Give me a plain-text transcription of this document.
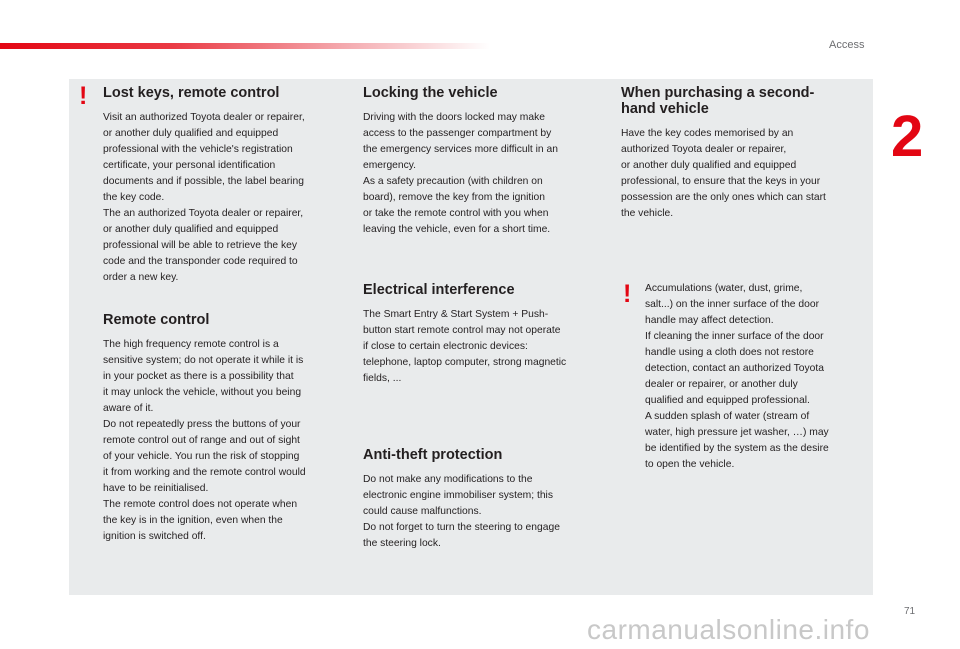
Access
2
! Lost keys, remote control

Visit an authorized Toyota dealer or repairer,
or another duly qualified and equipped
professional with the vehicle's registration
certificate, your personal identification
documents and if possible, the label bearing
the key code.
The an authorized Toyota dealer or repairer,
or another duly qualified and equipped
professional will be able to retrieve the key
code and the transponder code required to
order a new key.

Remote control

The high frequency remote control is a
sensitive system; do not operate it while it is
in your pocket as there is a possibility that
it may unlock the vehicle, without you being
aware of it.
Do not repeatedly press the buttons of your
remote control out of range and out of sight
of your vehicle. You run the risk of stopping
it from working and the remote control would
have to be reinitialised.
The remote control does not operate when
the key is in the ignition, even when the
ignition is switched off.

Locking the vehicle

Driving with the doors locked may make
access to the passenger compartment by
the emergency services more difficult in an
emergency.
As a safety precaution (with children on
board), remove the key from the ignition
or take the remote control with you when
leaving the vehicle, even for a short time.

Electrical interference

The Smart Entry & Start System + Push-
button start remote control may not operate
if close to certain electronic devices:
telephone, laptop computer, strong magnetic
fields, ...

Anti-theft protection

Do not make any modifications to the
electronic engine immobiliser system; this
could cause malfunctions.
Do not forget to turn the steering to engage
the steering lock.

When purchasing a second-
hand vehicle

Have the key codes memorised by an
authorized Toyota dealer or repairer,
or another duly qualified and equipped
professional, to ensure that the keys in your
possession are the only ones which can start
the vehicle.

! Accumulations (water, dust, grime,
salt...) on the inner surface of the door
handle may affect detection.
If cleaning the inner surface of the door
handle using a cloth does not restore
detection, contact an authorized Toyota
dealer or repairer, or another duly
qualified and equipped professional.
A sudden splash of water (stream of
water, high pressure jet washer, …) may
be identified by the system as the desire
to open the vehicle.

71
carmanualsonline.info
